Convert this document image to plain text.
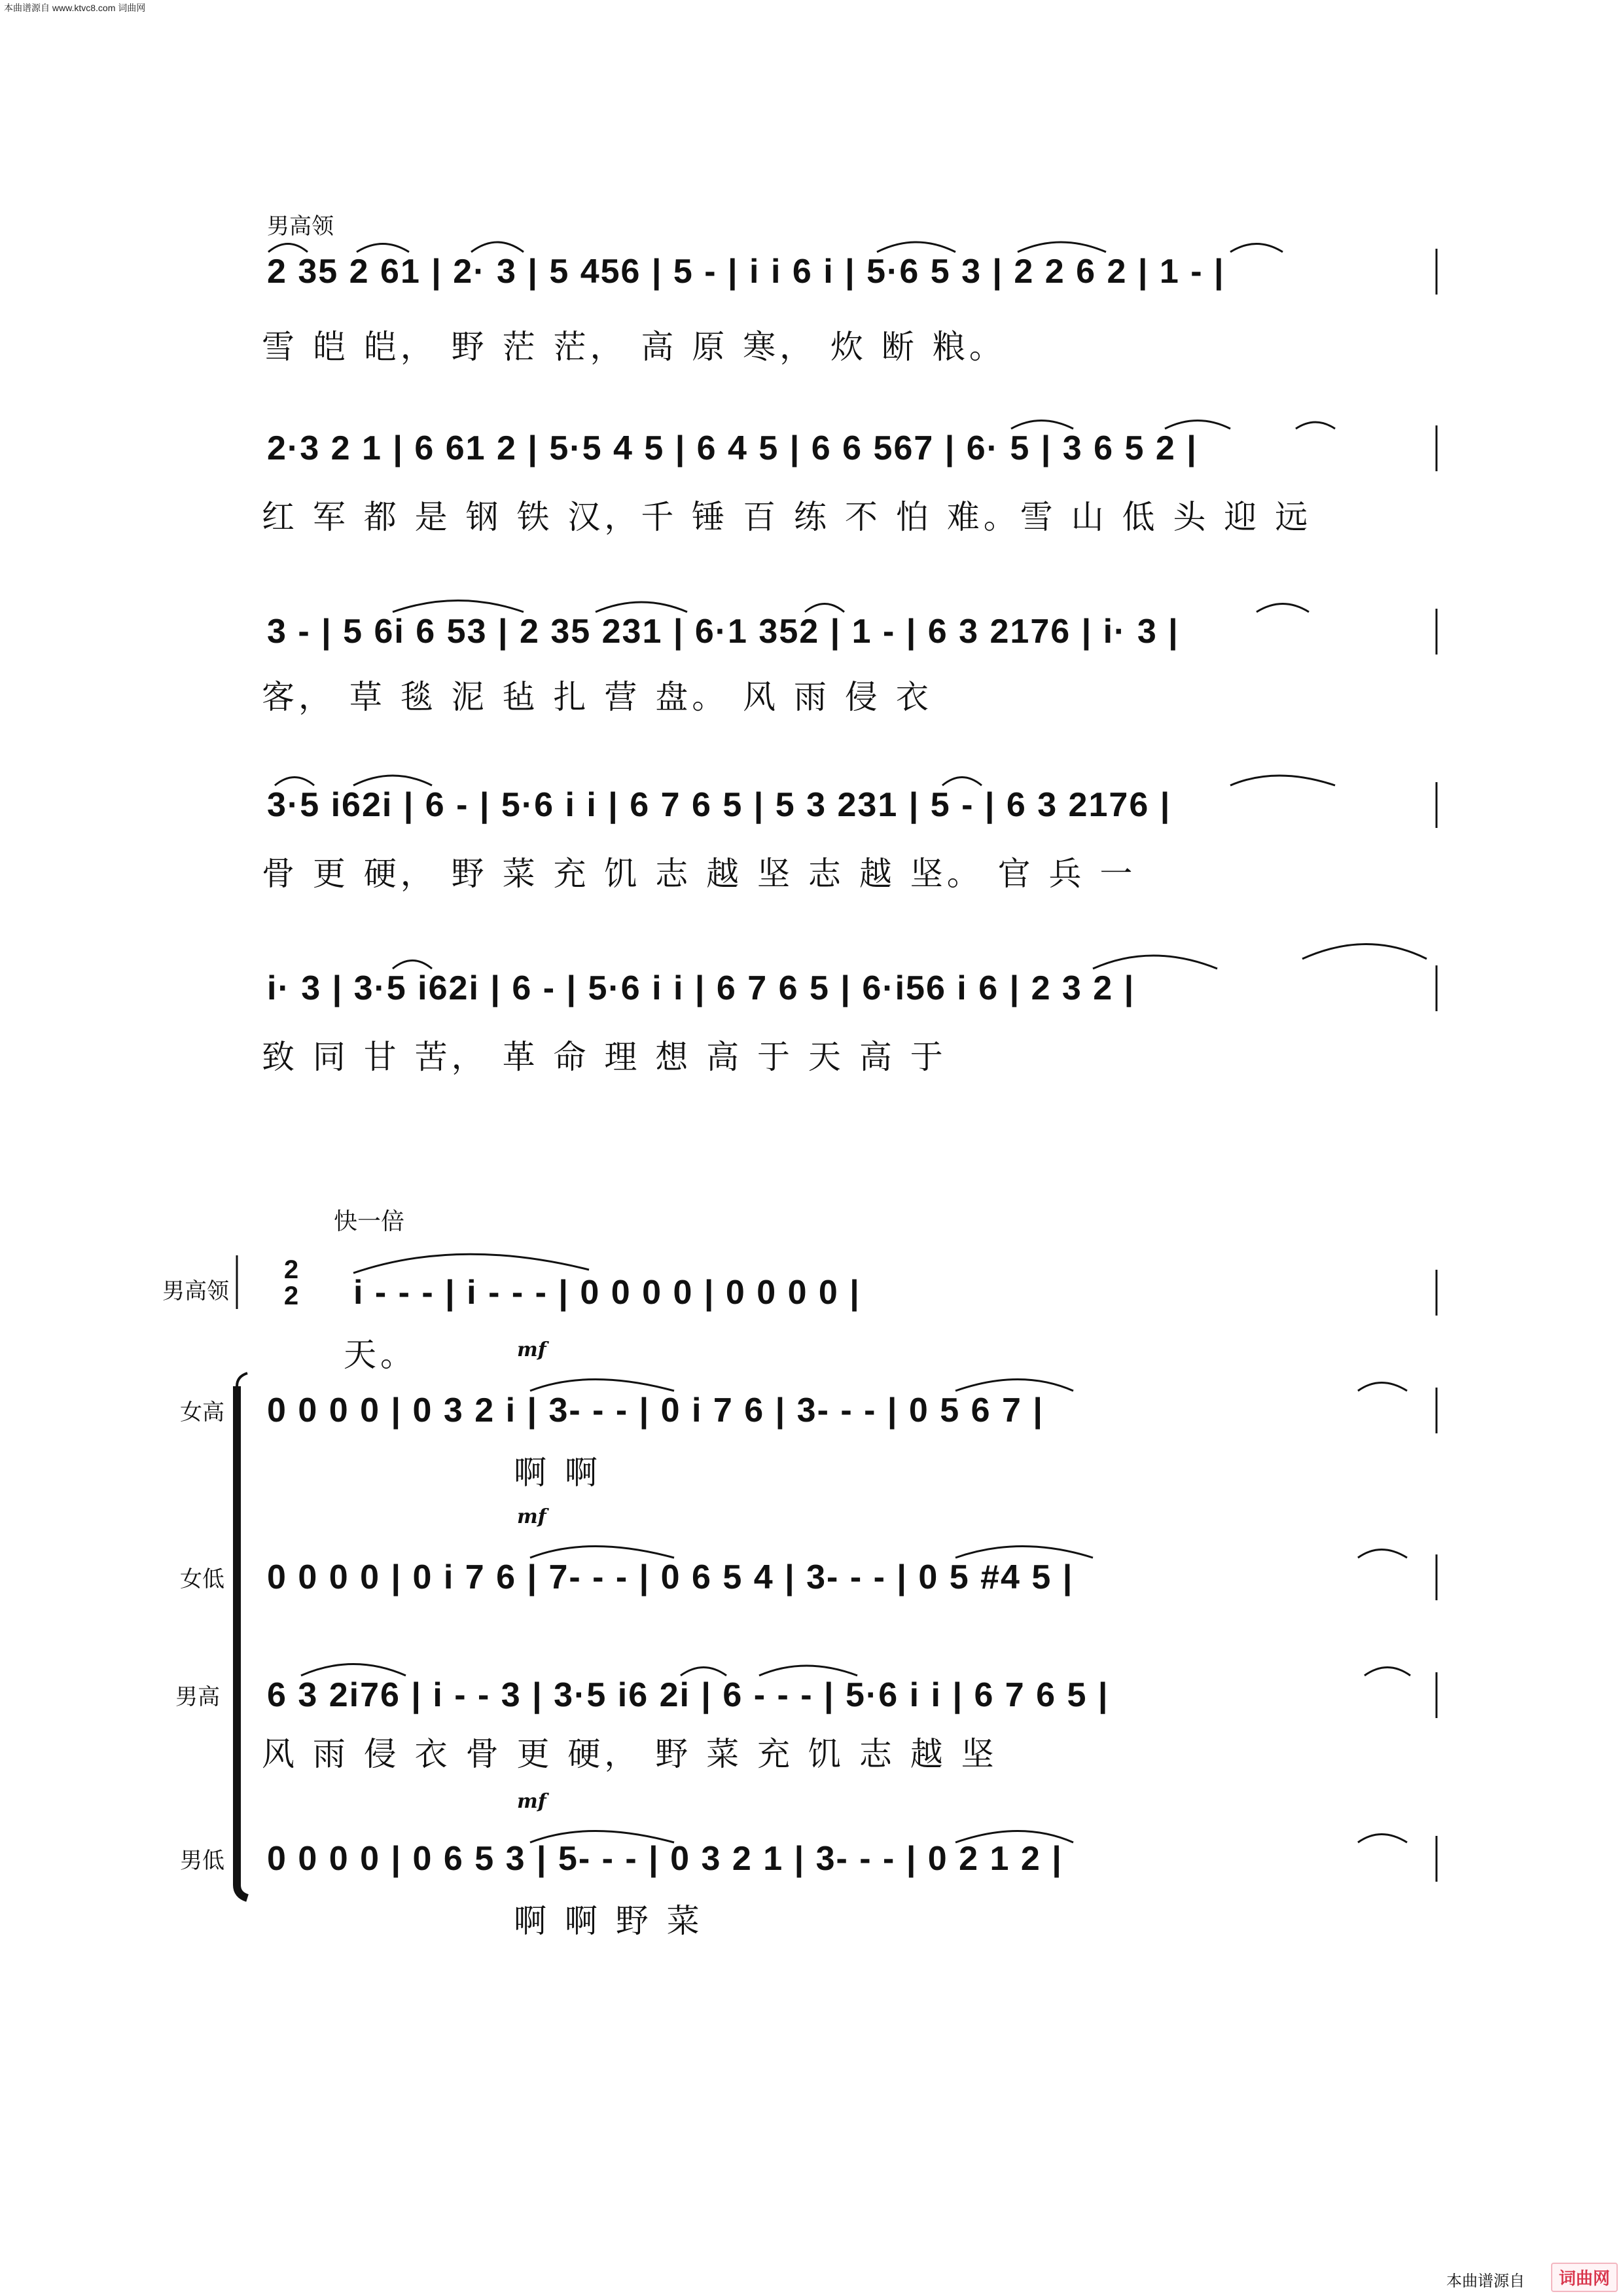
本曲谱源自 www.ktvc8.com 词曲网
男高领
2 35 2 61 | 2· 3 | 5 456 | 5 - | i i 6 i | 5·6 5 3 | 2 2 6 2 | 1 - |
雪 皑 皑， 野 茫 茫， 高 原 寒， 炊 断 粮。
2·3 2 1 | 6 61 2 | 5·5 4 5 | 6 4 5 | 6 6 567 | 6· 5 | 3 6 5 2 |
红 军 都 是 钢 铁 汉，千 锤 百 练 不 怕 难。雪 山 低 头 迎 远
3 - | 5 6i 6 53 | 2 35 231 | 6·1 352 | 1 - | 6 3 2176 | i· 3 |
客， 草 毯 泥 毡 扎 营 盘。 风 雨 侵 衣
3·5 i62i | 6 - | 5·6 i i | 6 7 6 5 | 5 3 231 | 5 - | 6 3 2176 |
骨 更 硬， 野 菜 充 饥 志 越 坚 志 越 坚。 官 兵 一
i· 3 | 3·5 i62i | 6 - | 5·6 i i | 6 7 6 5 | 6·i56 i 6 | 2 3 2 |
致 同 甘 苦， 革 命 理 想 高 于 天 高 于
快一倍
2
2
男高领	i - - - | i - - - | 0 0 0 0 | 0 0 0 0 |
天。	mf
女高 0 0 0 0 | 0 3 2 i | 3- - - | 0 i 7 6 | 3- - - | 0 5 6 7 |
啊 啊
mf
女低 0 0 0 0 | 0 i 7 6 | 7- - - | 0 6 5 4 | 3- - - | 0 5 #4 5 |
男高 6 3 2i76 | i - - 3 | 3·5 i6 2i | 6 - - - | 5·6 i i | 6 7 6 5 |
风 雨 侵 衣 骨 更 硬， 野 菜 充 饥 志 越 坚
mf
男低 0 0 0 0 | 0 6 5 3 | 5- - - | 0 3 2 1 | 3- - - | 0 2 1 2 |
啊 啊 野 菜
本曲谱源自	词曲网
